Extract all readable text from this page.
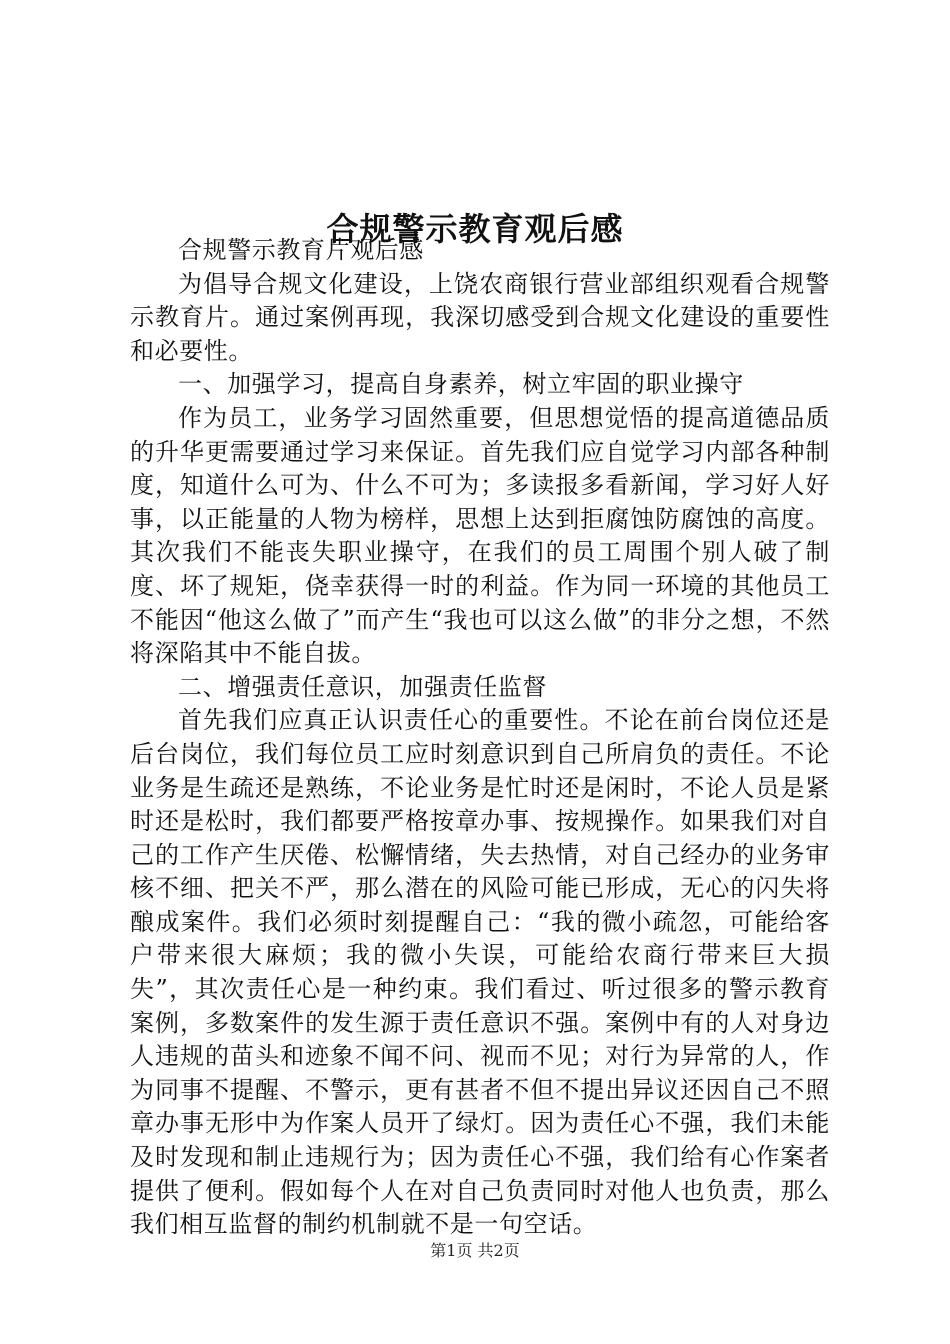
合规警示教育观后感

合规警示教育片观后感

为倡导合规文化建设，上饶农商银行营业部组织观看合规警示教育片。通过案例再现，我深切感受到合规文化建设的重要性和必要性。

一、加强学习，提高自身素养，树立牢固的职业操守

作为员工，业务学习固然重要，但思想觉悟的提高道德品质的升华更需要通过学习来保证。首先我们应自觉学习内部各种制度，知道什么可为、什么不可为；多读报多看新闻，学习好人好事，以正能量的人物为榜样，思想上达到拒腐蚀防腐蚀的高度。其次我们不能丧失职业操守，在我们的员工周围个别人破了制度、坏了规矩，侥幸获得一时的利益。作为同一环境的其他员工不能因“他这么做了”而产生“我也可以这么做”的非分之想，不然将深陷其中不能自拔。

二、增强责任意识，加强责任监督

首先我们应真正认识责任心的重要性。不论在前台岗位还是后台岗位，我们每位员工应时刻意识到自己所肩负的责任。不论业务是生疏还是熟练，不论业务是忙时还是闲时，不论人员是紧时还是松时，我们都要严格按章办事、按规操作。如果我们对自己的工作产生厌倦、松懈情绪，失去热情，对自己经办的业务审核不细、把关不严，那么潜在的风险可能已形成，无心的闪失将酿成案件。我们必须时刻提醒自己：“我的微小疏忽，可能给客户带来很大麻烦；我的微小失误，可能给农商行带来巨大损失”，其次责任心是一种约束。我们看过、听过很多的警示教育案例，多数案件的发生源于责任意识不强。案例中有的人对身边人违规的苗头和迹象不闻不问、视而不见；对行为异常的人，作为同事不提醒、不警示，更有甚者不但不提出异议还因自己不照章办事无形中为作案人员开了绿灯。因为责任心不强，我们未能及时发现和制止违规行为；因为责任心不强，我们给有心作案者提供了便利。假如每个人在对自己负责同时对他人也负责，那么我们相互监督的制约机制就不是一句空话。

第1页 共2页
